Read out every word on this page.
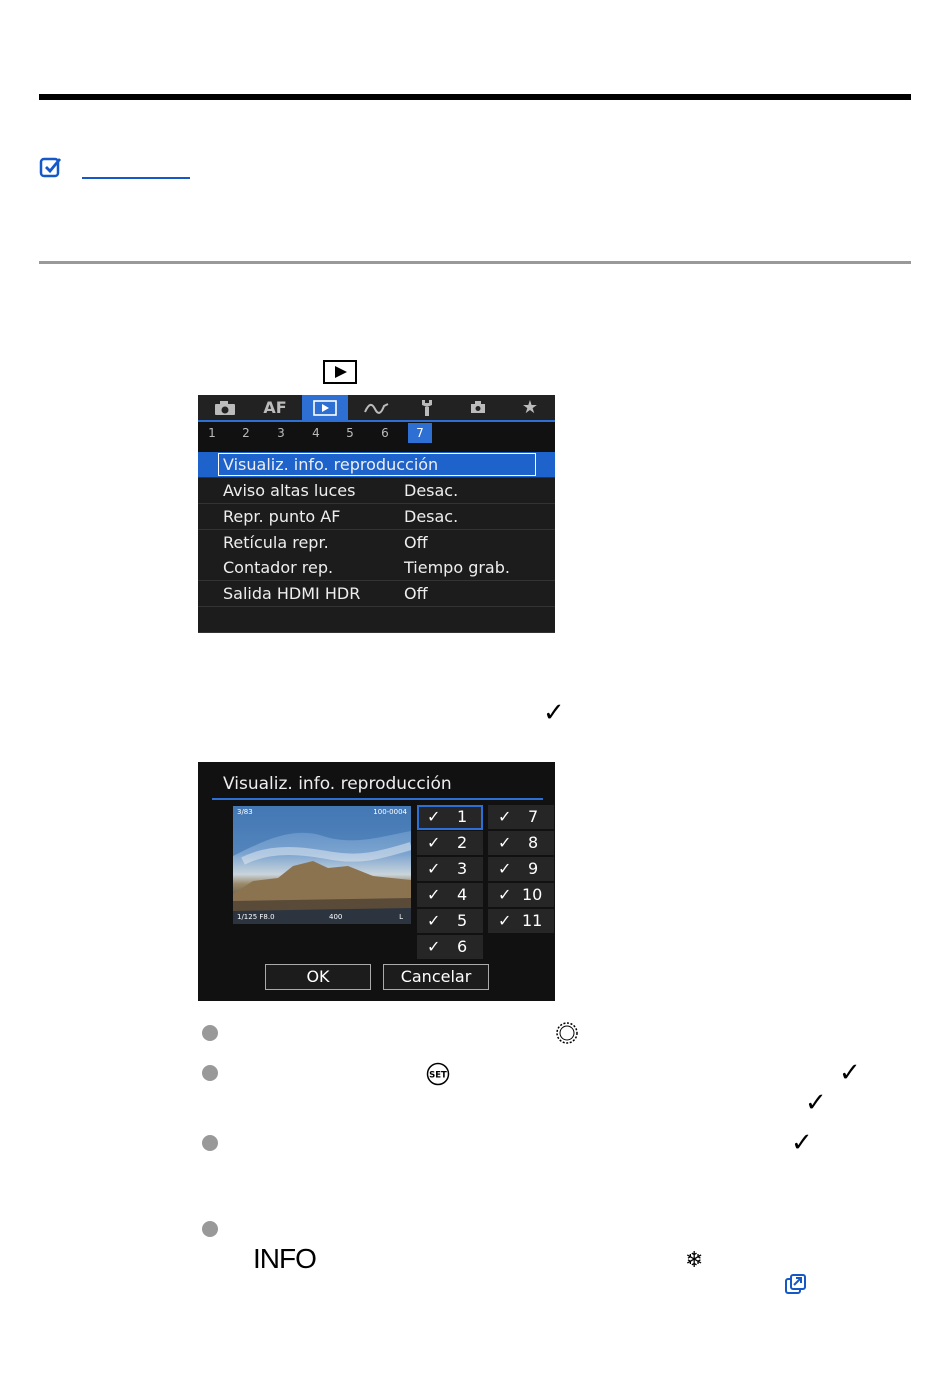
AF	★
1	2	3	4	5	6	7
Visualiz. info. reproducción
Aviso altas luces	Desac.
Repr. punto AF	Desac.
Retícula repr.	Off
Contador rep.	Tiempo grab.
Salida HDMI HDR	Off
✓
Visualiz. info. reproducción
3/83	100-0004
1/125 F8.0	400	L
✓ 1
✓ 2
✓ 3
✓ 4
✓ 5
✓ 6
✓ 7
✓ 8
✓ 9
✓ 10
✓ 11
OK	Cancelar
SET	✓
✓
✓
INFO	❄
